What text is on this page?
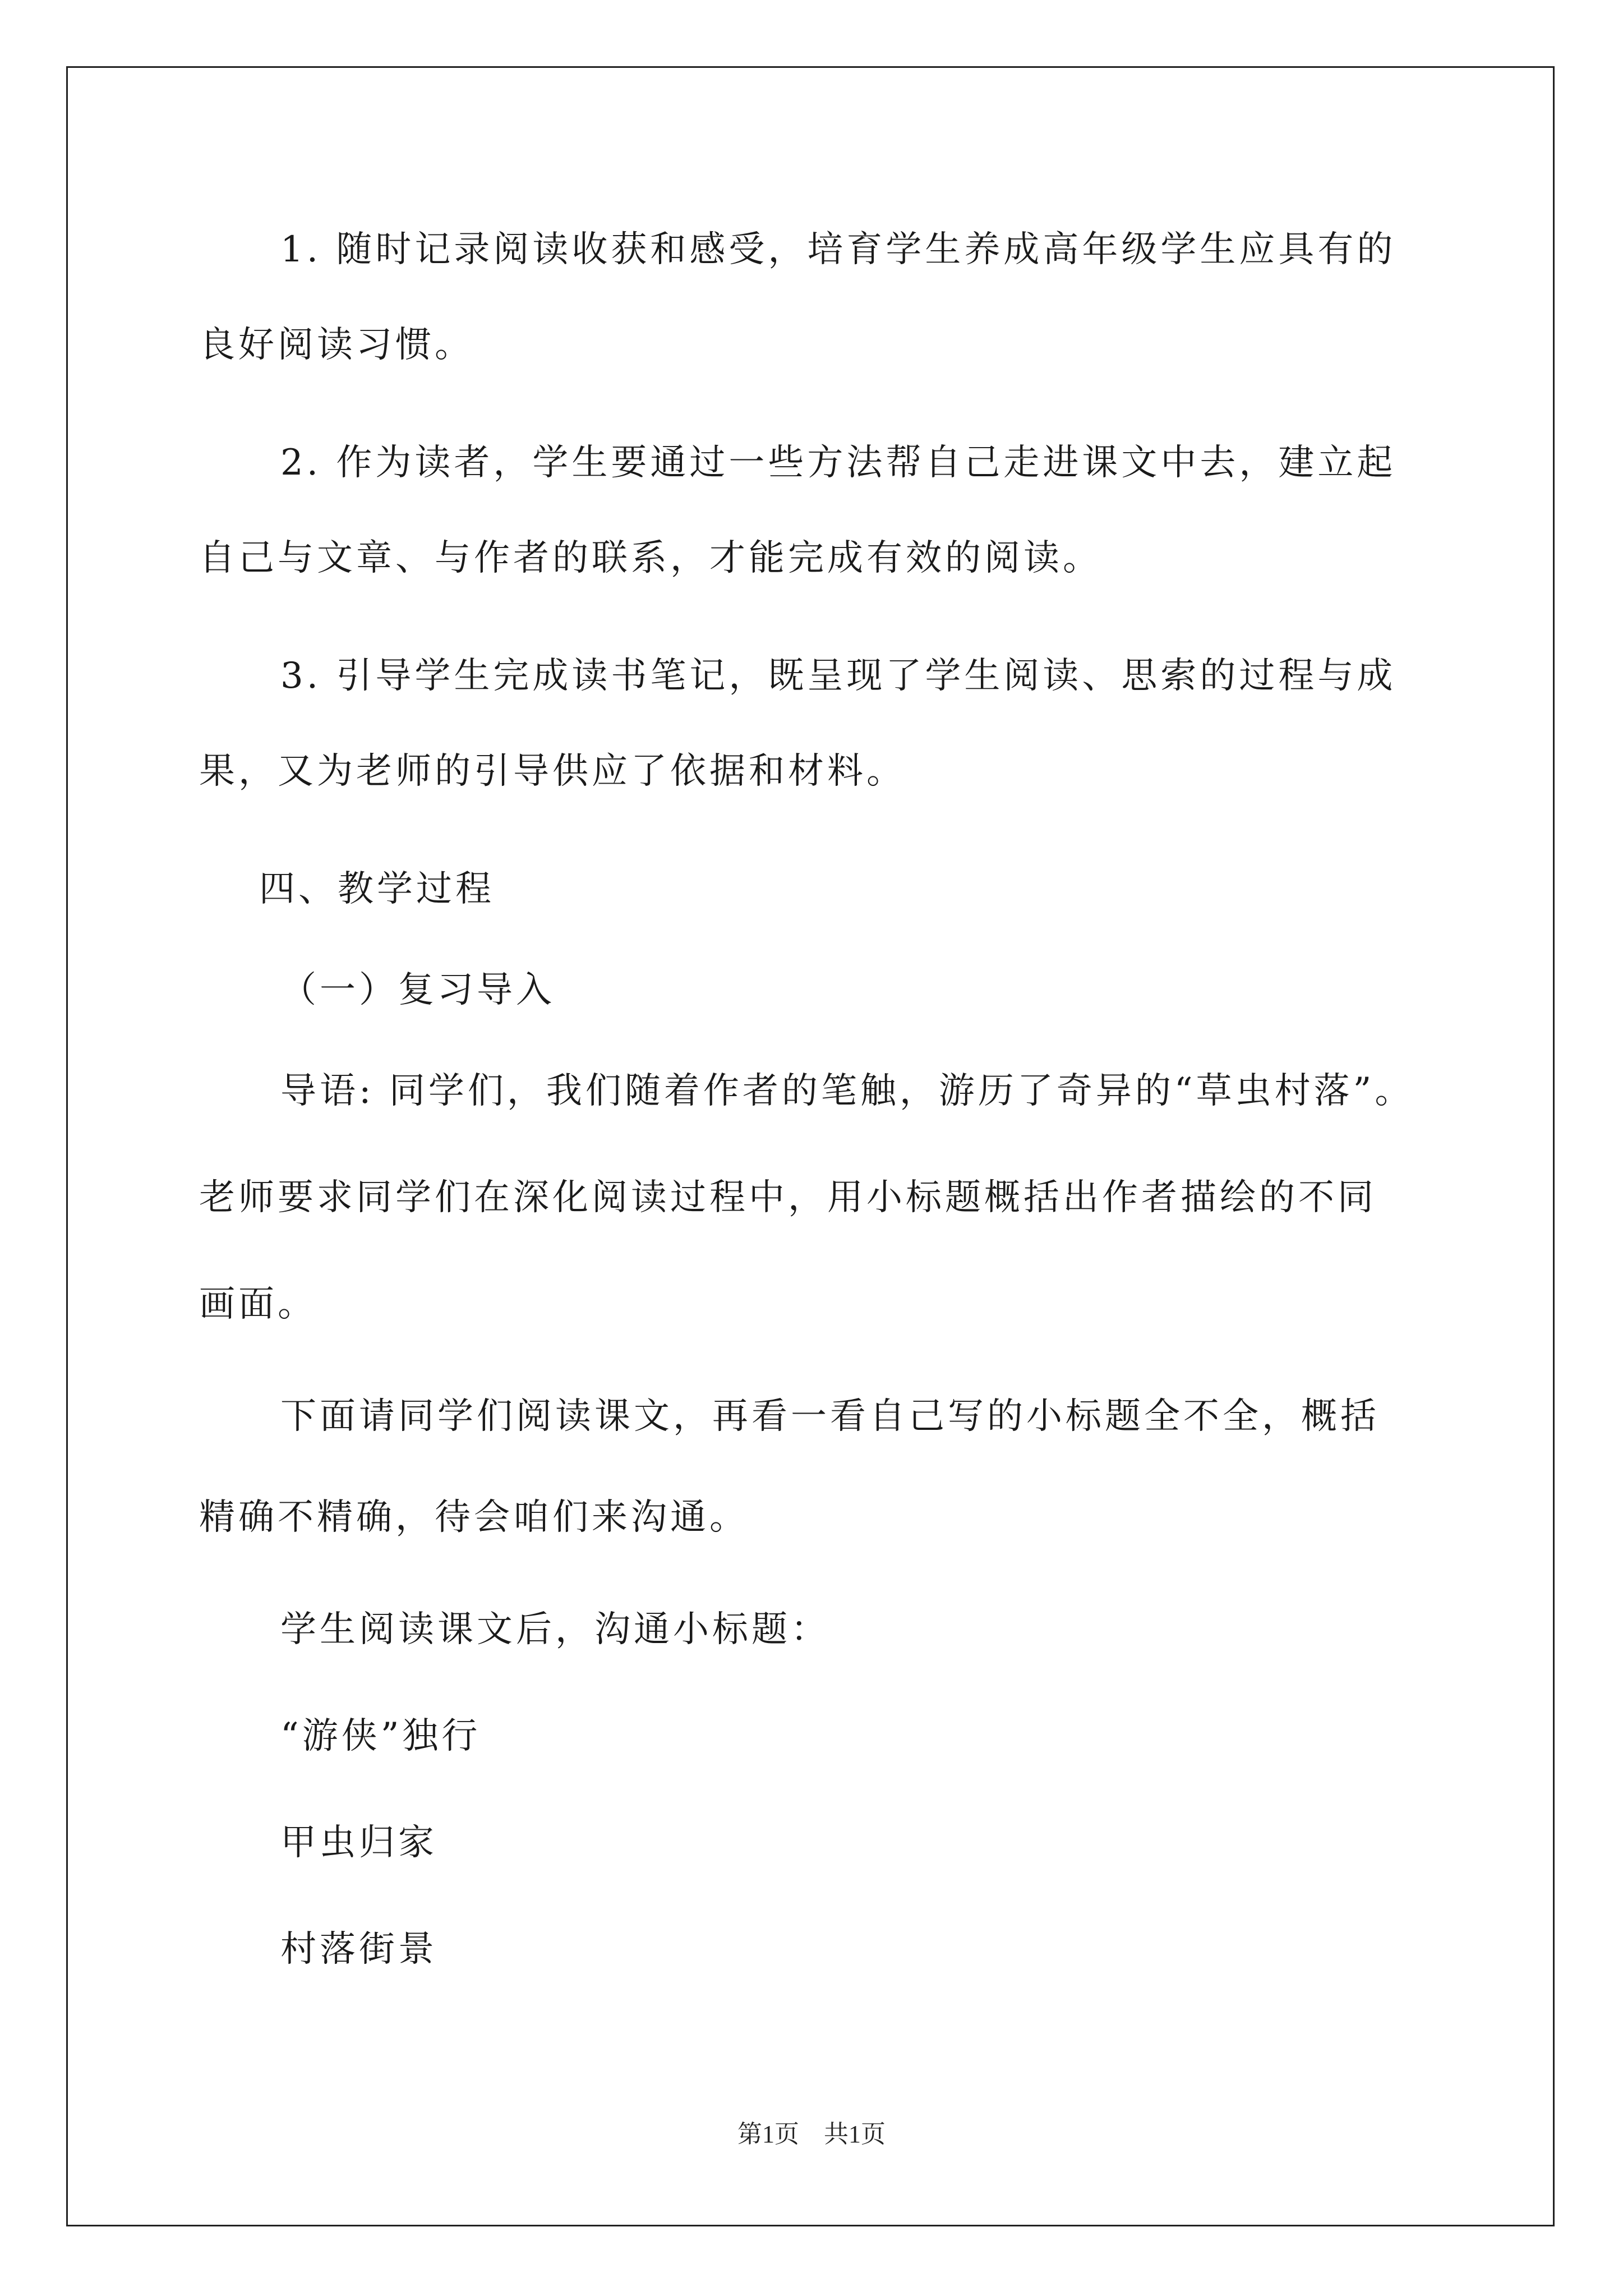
1. 随时记录阅读收获和感受，培育学生养成高年级学生应具有的
良好阅读习惯。
2. 作为读者，学生要通过一些方法帮自己走进课文中去，建立起
自己与文章、与作者的联系，才能完成有效的阅读。
3. 引导学生完成读书笔记，既呈现了学生阅读、思索的过程与成
果，又为老师的引导供应了依据和材料。
四、教学过程
（一）复习导入
导语: 同学们，我们随着作者的笔触，游历了奇异的“草虫村落”。
老师要求同学们在深化阅读过程中，用小标题概括出作者描绘的不同
画面。
下面请同学们阅读课文，再看一看自己写的小标题全不全，概括
精确不精确，待会咱们来沟通。
学生阅读课文后，沟通小标题：
“游侠”独行
甲虫归家
村落街景
第1页　共1页
